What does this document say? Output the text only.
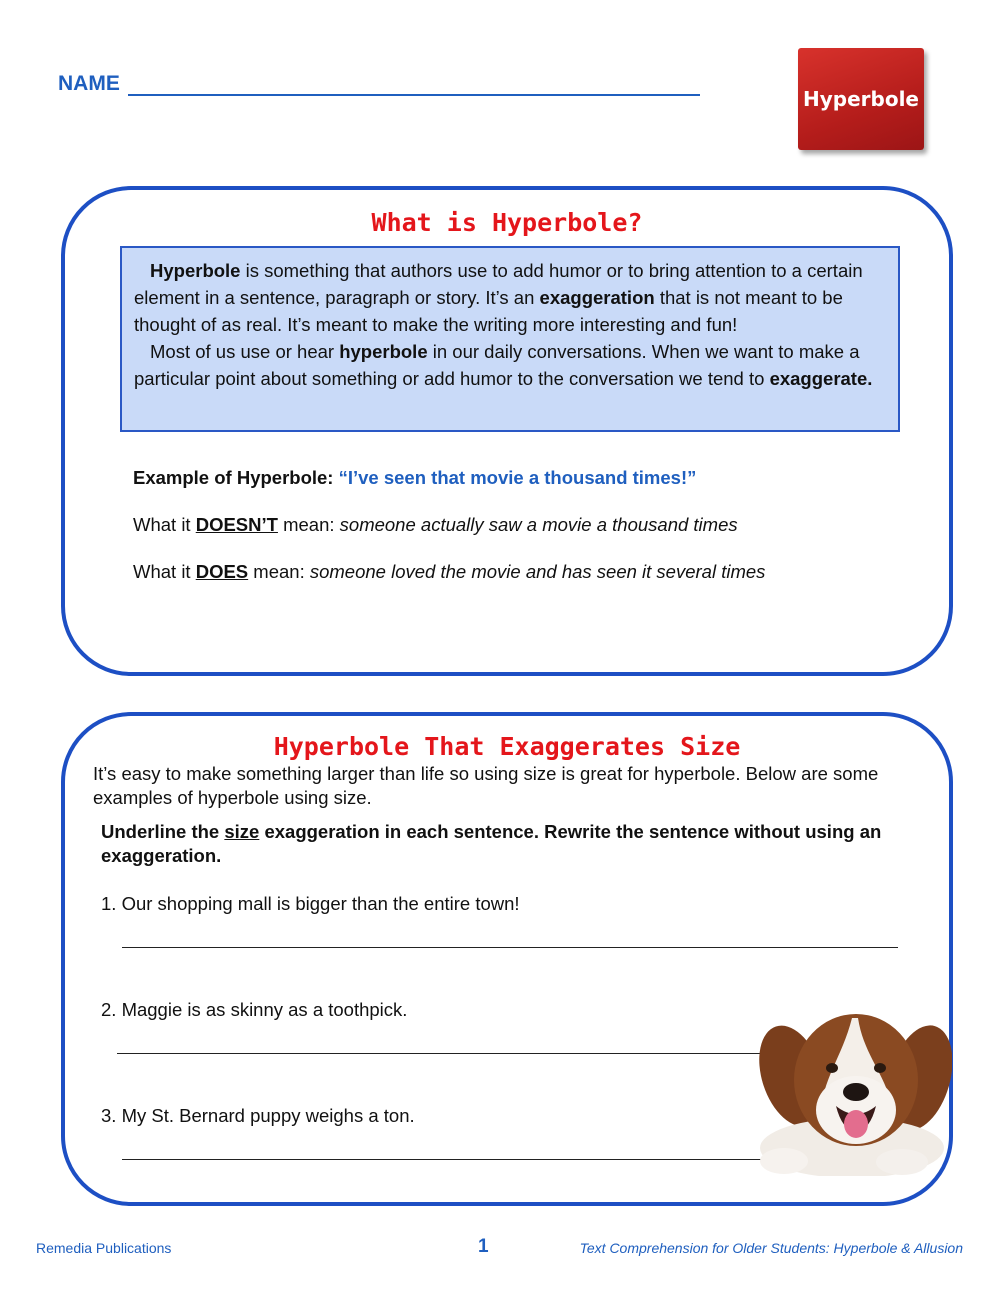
NAME
Hyperbole
What is Hyperbole?

Hyperbole is something that authors use to add humor or to bring attention to a certain element in a sentence, paragraph or story. It’s an exaggeration that is not meant to be thought of as real. It’s meant to make the writing more interesting and fun!

Most of us use or hear hyperbole in our daily conversations. When we want to make a particular point about something or add humor to the conversation we tend to exaggerate.

Example of Hyperbole: “I’ve seen that movie a thousand times!”
What it DOESN’T mean: someone actually saw a movie a thousand times
What it DOES mean: someone loved the movie and has seen it several times
Hyperbole That Exaggerates Size
It’s easy to make something larger than life so using size is great for hyperbole. Below are some examples of hyperbole using size.
Underline the size exaggeration in each sentence. Rewrite the sentence without using an exaggeration.
1. Our shopping mall is bigger than the entire town!
2. Maggie is as skinny as a toothpick.
3. My St. Bernard puppy weighs a ton.
Remedia Publications	1	Text Comprehension for Older Students: Hyperbole & Allusion
